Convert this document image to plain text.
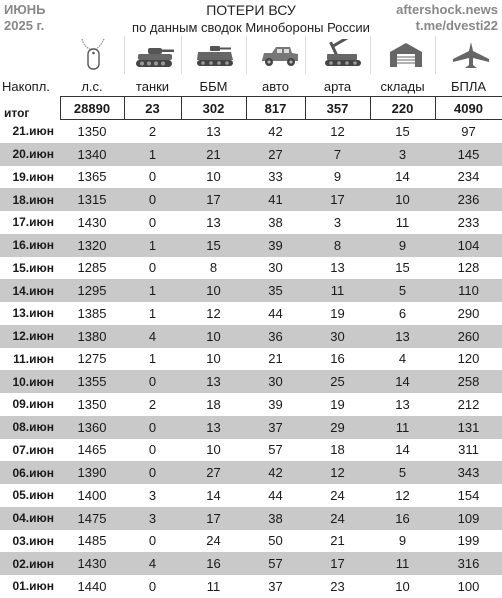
ИЮНЬ
2025 г.
ПОТЕРИ ВСУ
по данным сводок Минобороны России
aftershock.news
t.me/dvesti22
Накопл.	л.с.	танки	ББМ	авто	арта	склады	БПЛА
итог	28890	23	302	817	357	220	4090
21.июн	1350	2	13	42	12	15	97
20.июн	1340	1	21	27	7	3	145
19.июн	1365	0	10	33	9	14	234
18.июн	1315	0	17	41	17	10	236
17.июн	1430	0	13	38	3	11	233
16.июн	1320	1	15	39	8	9	104
15.июн	1285	0	8	30	13	15	128
14.июн	1295	1	10	35	11	5	110
13.июн	1385	1	12	44	19	6	290
12.июн	1380	4	10	36	30	13	260
11.июн	1275	1	10	21	16	4	120
10.июн	1355	0	13	30	25	14	258
09.июн	1350	2	18	39	19	13	212
08.июн	1360	0	13	37	29	11	131
07.июн	1465	0	10	57	18	14	311
06.июн	1390	0	27	42	12	5	343
05.июн	1400	3	14	44	24	12	154
04.июн	1475	3	17	38	24	16	109
03.июн	1485	0	24	50	21	9	199
02.июн	1430	4	16	57	17	11	316
01.июн	1440	0	11	37	23	10	100
